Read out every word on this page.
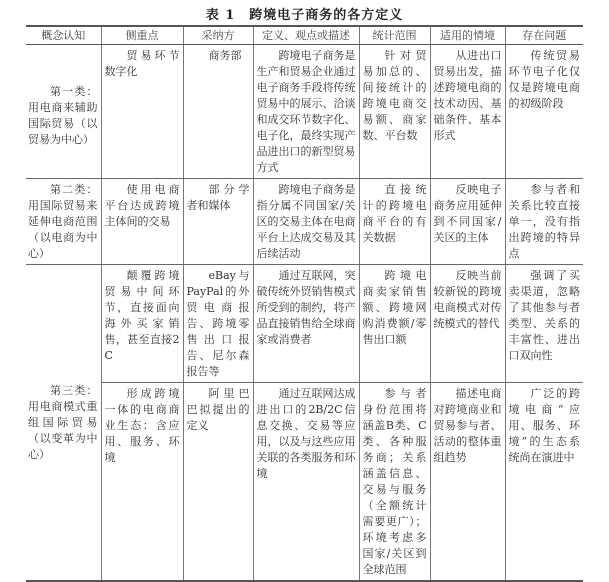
表 1　跨境电子商务的各方定义
概念认知	侧重点	采纳方	定义、观点或描述	统计范围	适用的情境	存在问题
第一类：用电商来辅助国际贸易（以贸易为中心）	贸易环节数字化	商务部	跨境电子商务是生产和贸易企业通过电子商务手段将传统贸易中的展示、洽谈和成交环节数字化、电子化，最终实现产品进出口的新型贸易方式	针对贸易加总的、间接统计的跨境电商交易额、商家数、平台数	从进出口贸易出发，描述跨境电商的技术动因、基础条件、基本形式	传统贸易环节电子化仅仅是跨境电商的初级阶段
第二类：用国际贸易来延伸电商范围（以电商为中心）	使用电商平台达成跨境主体间的交易	部分学者和媒体	跨境电子商务是指分属不同国家/关区的交易主体在电商平台上达成交易及其后续活动	直接统计的跨境电商平台的有关数据	反映电子商务应用延伸到不同国家/关区的主体	参与者和关系比较直接单一，没有指出跨境的特异点
第三类：用电商模式重组国际贸易（以变革为中心）	颠覆跨境贸易中间环节，直接面向海外买家销售，甚至直接2C	eBay与PayPal的外贸电商报告、跨境零售出口报告、尼尔森报告等	通过互联网，突破传统外贸销售模式所受到的制约，将产品直接销售给全球商家或消费者	跨境电商卖家销售额、跨境网购消费额/零售出口额	反映当前较新锐的跨境电商模式对传统模式的替代	强调了买卖渠道，忽略了其他参与者类型、关系的丰富性、进出口双向性
	形成跨境一体的电商商业生态：含应用、服务、环境	阿里巴巴拟提出的定义	通过互联网达成进出口的2B/2C信息交换、交易等应用，以及与这些应用关联的各类服务和环境	参与者身份范围将涵盖B类、C类、各种服务商；关系涵盖信息、交易与服务（全额统计需要更广）；环境考虑多国家/关区到全球范围	描述电商对跨境商业和贸易参与者、活动的整体重组趋势	广泛的跨境电商“应用、服务、环境”的生态系统尚在演进中
